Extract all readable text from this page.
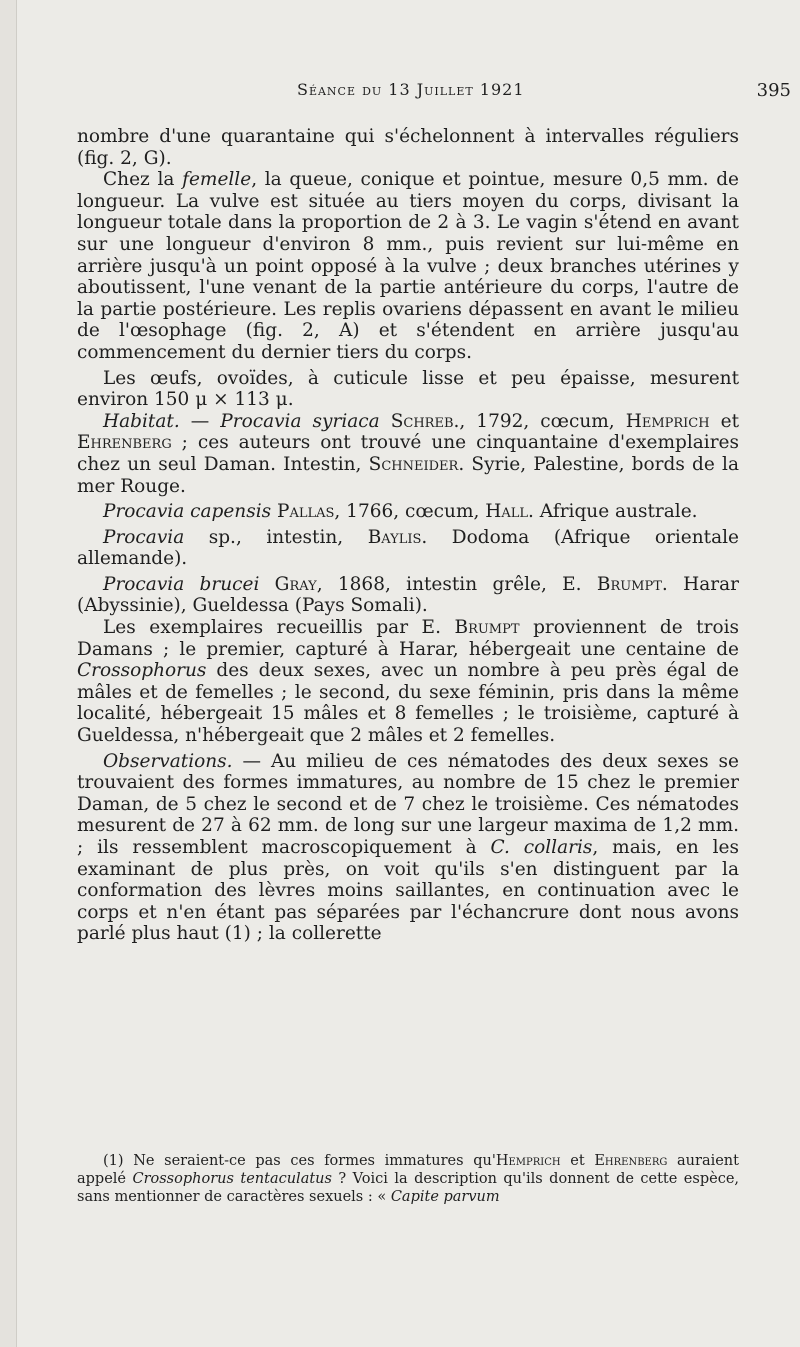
Séance du 13 Juillet 1921	395

nombre d'une quarantaine qui s'échelonnent à intervalles réguliers (fig. 2, G).

Chez la femelle, la queue, conique et pointue, mesure 0,5 mm. de longueur. La vulve est située au tiers moyen du corps, divisant la longueur totale dans la proportion de 2 à 3. Le vagin s'étend en avant sur une longueur d'environ 8 mm., puis revient sur lui-même en arrière jusqu'à un point opposé à la vulve ; deux branches utérines y aboutissent, l'une venant de la partie antérieure du corps, l'autre de la partie postérieure. Les replis ovariens dépassent en avant le milieu de l'œsophage (fig. 2, A) et s'étendent en arrière jusqu'au commencement du dernier tiers du corps.

Les œufs, ovoïdes, à cuticule lisse et peu épaisse, mesurent environ 150 μ × 113 μ.

Habitat. — Procavia syriaca Schreb., 1792, cœcum, Hemprich et Ehrenberg ; ces auteurs ont trouvé une cinquantaine d'exemplaires chez un seul Daman. Intestin, Schneider. Syrie, Palestine, bords de la mer Rouge.

Procavia capensis Pallas, 1766, cœcum, Hall. Afrique australe.

Procavia sp., intestin, Baylis. Dodoma (Afrique orientale allemande).

Procavia brucei Gray, 1868, intestin grêle, E. Brumpt. Harar (Abyssinie), Gueldessa (Pays Somali).

Les exemplaires recueillis par E. Brumpt proviennent de trois Damans ; le premier, capturé à Harar, hébergeait une centaine de Crossophorus des deux sexes, avec un nombre à peu près égal de mâles et de femelles ; le second, du sexe féminin, pris dans la même localité, hébergeait 15 mâles et 8 femelles ; le troisième, capturé à Gueldessa, n'hébergeait que 2 mâles et 2 femelles.

Observations. — Au milieu de ces nématodes des deux sexes se trouvaient des formes immatures, au nombre de 15 chez le premier Daman, de 5 chez le second et de 7 chez le troisième. Ces nématodes mesurent de 27 à 62 mm. de long sur une largeur maxima de 1,2 mm. ; ils ressemblent macroscopiquement à C. collaris, mais, en les examinant de plus près, on voit qu'ils s'en distinguent par la conformation des lèvres moins saillantes, en continuation avec le corps et n'en étant pas séparées par l'échancrure dont nous avons parlé plus haut (1) ; la collerette

(1) Ne seraient-ce pas ces formes immatures qu'Hemprich et Ehrenberg auraient appelé Crossophorus tentaculatus ? Voici la description qu'ils donnent de cette espèce, sans mentionner de caractères sexuels : « Capite parvum
